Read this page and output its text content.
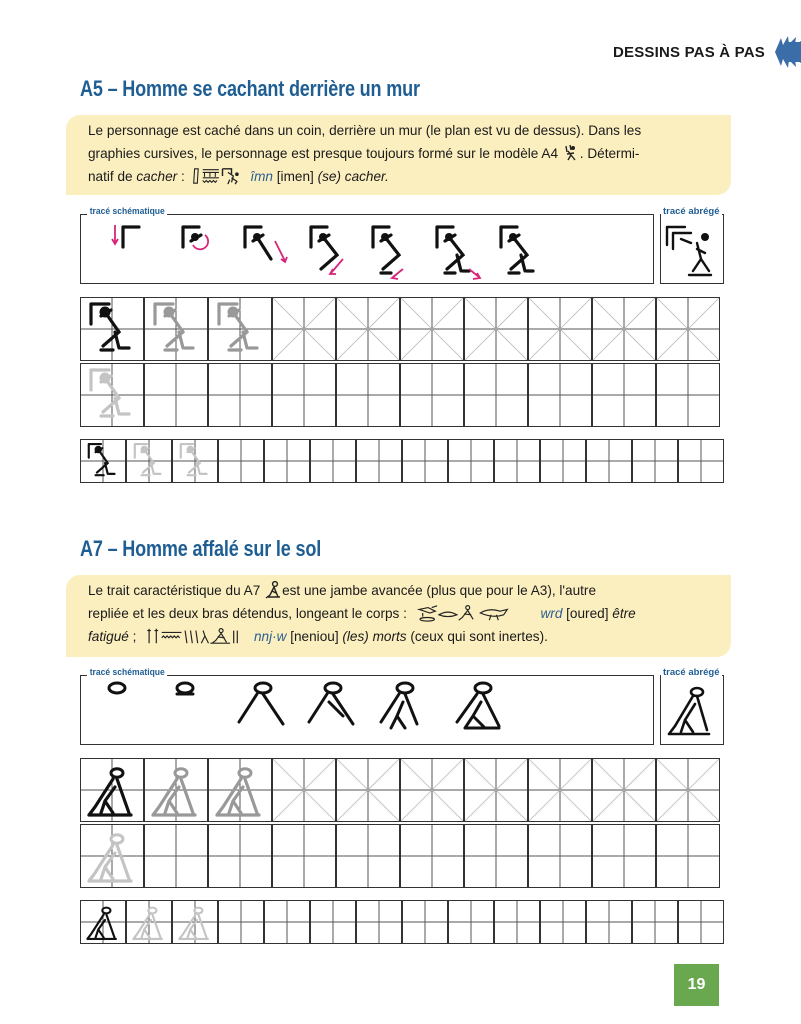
DESSINS PAS À PAS
A5 – Homme se cachant derrière un mur
Le personnage est caché dans un coin, derrière un mur (le plan est vu de dessus). Dans les
graphies cursives, le personnage est presque toujours formé sur le modèle A4 . Détermi-
natif de cacher :	îmn [imen] (se) cacher.
tracé schématique	tracé abrégé
A7 – Homme affalé sur le sol
Le trait caractéristique du A7 est une jambe avancée (plus que pour le A3), l'autre
repliée et les deux bras détendus, longeant le corps :	wrd [oured] être
fatigué ;	nnj·w [neniou] (les) morts (ceux qui sont inertes).
tracé schématique	tracé abrégé
19
